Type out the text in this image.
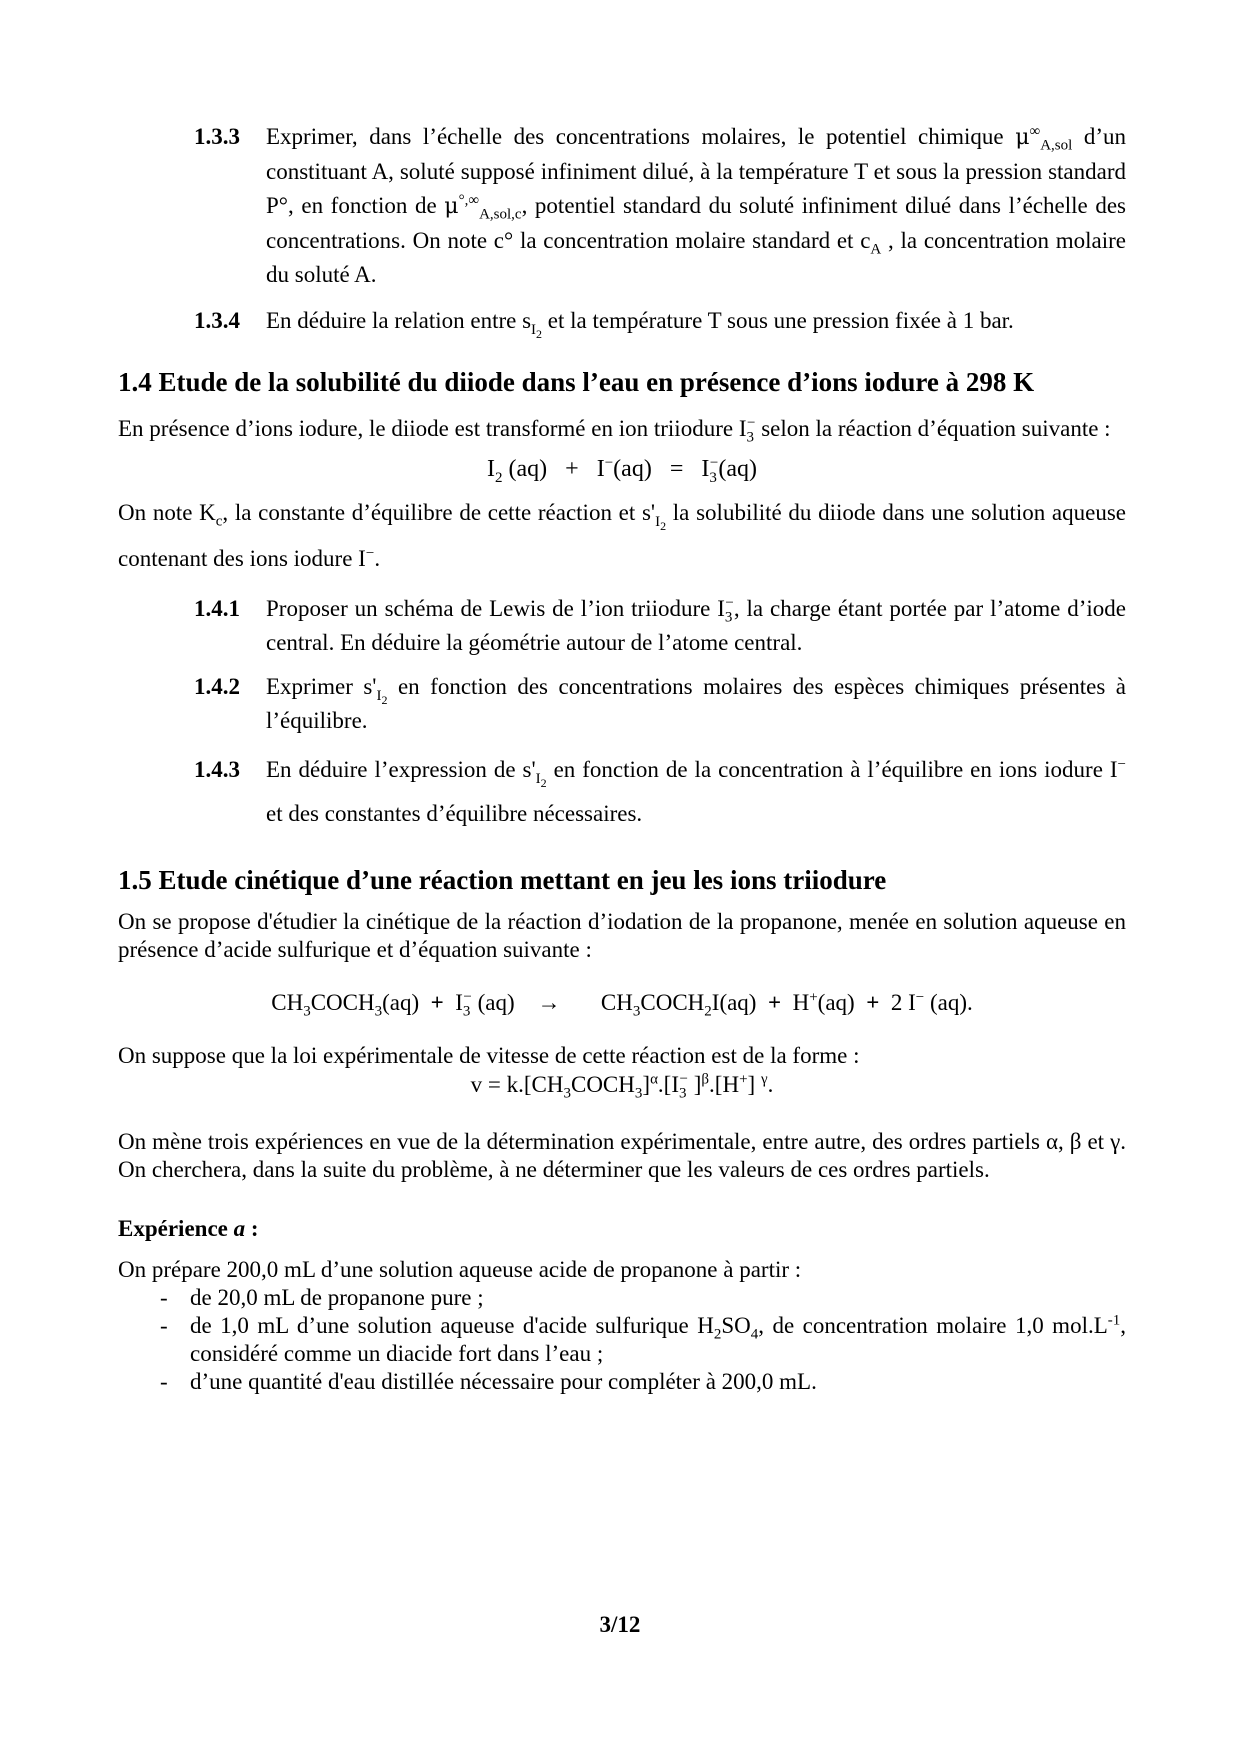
1.3.3	Exprimer, dans l’échelle des concentrations molaires, le potentiel chimique $\mu^\infty_{A,sol}$ d’un constituant A, soluté supposé infiniment dilué, à la température T et sous la pression standard P°, en fonction de $\mu^{^\circ,\infty}_{A,sol,c}$, potentiel standard du soluté infiniment dilué dans l’échelle des concentrations. On note c° la concentration molaire standard et $c_A$ , la concentration molaire du soluté A.
1.3.4	En déduire la relation entre $s_{I_2}$ et la température T sous une pression fixée à 1 bar.
1.4 Etude de la solubilité du diiode dans l’eau en présence d’ions iodure à 298 K
En présence d’ions iodure, le diiode est transformé en ion triiodure $I_3^-$ selon la réaction d’équation suivante :
$I_2$ $(aq) + I^-(aq) = I_3^-(aq)$
On note $K_c$, la constante d’équilibre de cette réaction et $s'_{I_2}$ la solubilité du diiode dans une solution aqueuse contenant des ions iodure I−.
1.4.1	Proposer un schéma de Lewis de l’ion triiodure $I_3^-$, la charge étant portée par l’atome d’iode central. En déduire la géométrie autour de l’atome central.
1.4.2	Exprimer $s'_{I_2}$ en fonction des concentrations molaires des espèces chimiques présentes à l’équilibre.
1.4.3	En déduire l’expression de $s'_{I_2}$ en fonction de la concentration à l’équilibre en ions iodure I− et des constantes d’équilibre nécessaires.
1.5 Etude cinétique d’une réaction mettant en jeu les ions triiodure
On se propose d'étudier la cinétique de la réaction d’iodation de la propanone, menée en solution aqueuse en présence d’acide sulfurique et d’équation suivante :
$CH_3COCH_3(aq) + I_3^-$ $(aq) \to CH_3COCH_2I(aq) + H^+(aq) + 2$ I− (aq).
On suppose que la loi expérimentale de vitesse de cette réaction est de la forme :
$v = k.[CH_3COCH_3]^\alpha.[I_3^-$ ]$^\beta$.[H+] $^\gamma$.
On mène trois expériences en vue de la détermination expérimentale, entre autre, des ordres partiels α, β et γ. On cherchera, dans la suite du problème, à ne déterminer que les valeurs de ces ordres partiels.
Expérience a :
On prépare 200,0 mL d’une solution aqueuse acide de propanone à partir :
- de 20,0 mL de propanone pure ;
- de 1,0 mL d’une solution aqueuse d'acide sulfurique $H_2SO_4$, de concentration molaire 1,0 $mol.L^{-1}$, considéré comme un diacide fort dans l’eau ;
- d’une quantité d'eau distillée nécessaire pour compléter à 200,0 mL.
3/12
